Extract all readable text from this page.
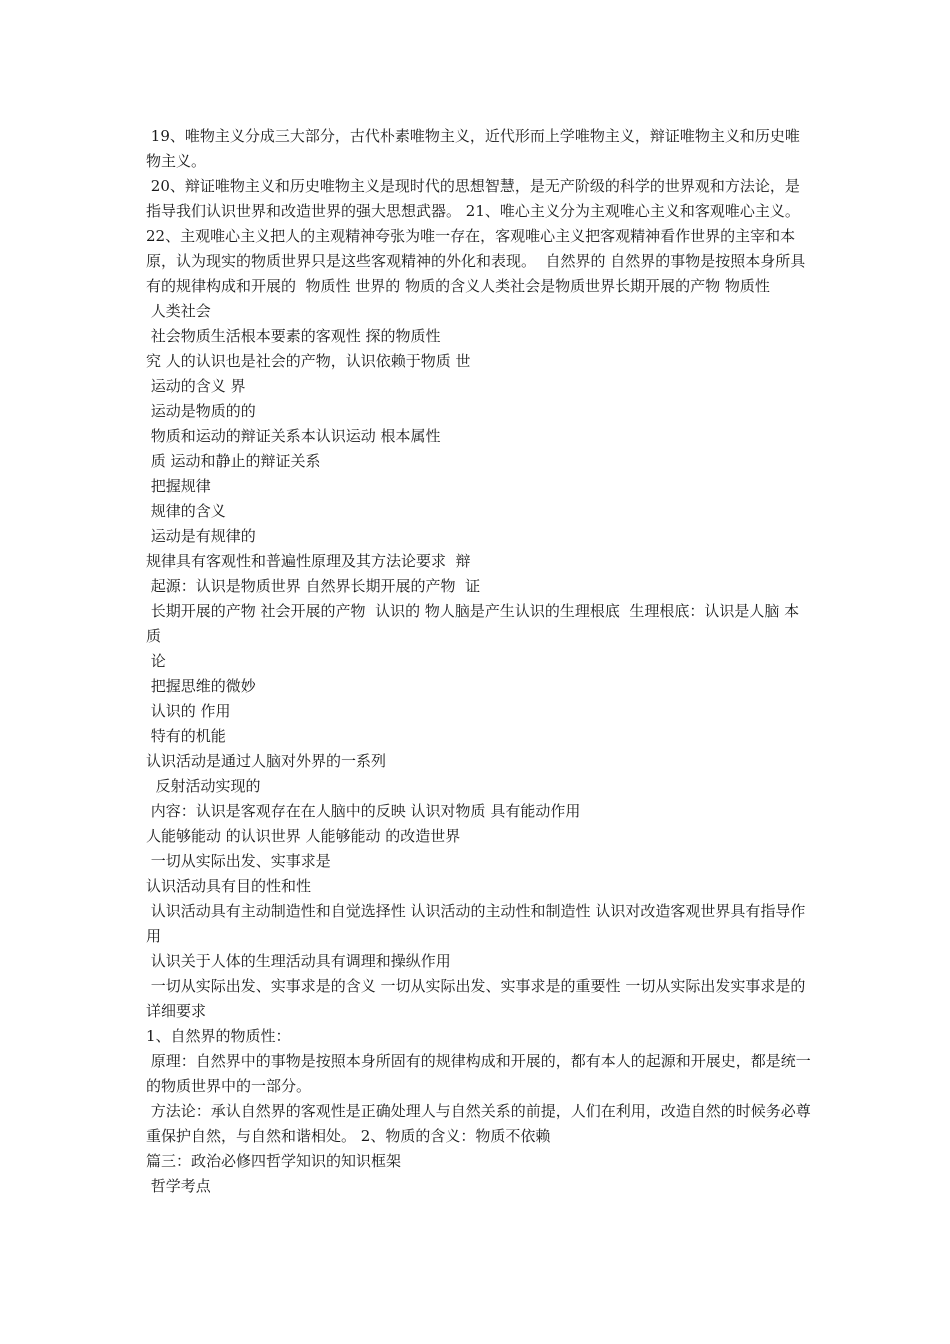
19、唯物主义分成三大部分，古代朴素唯物主义，近代形而上学唯物主义，辩证唯物主义和历史唯物主义。

20、辩证唯物主义和历史唯物主义是现时代的思想智慧，是无产阶级的科学的世界观和方法论，是指导我们认识世界和改造世界的强大思想武器。 21、唯心主义分为主观唯心主义和客观唯心主义。 22、主观唯心主义把人的主观精神夸张为唯一存在，客观唯心主义把客观精神看作世界的主宰和本原，认为现实的物质世界只是这些客观精神的外化和表现。  自然界的 自然界的事物是按照本身所具有的规律构成和开展的  物质性 世界的 物质的含义人类社会是物质世界长期开展的产物 物质性

人类社会

社会物质生活根本要素的客观性 探的物质性

究 人的认识也是社会的产物，认识依赖于物质 世

运动的含义 界

运动是物质的的

物质和运动的辩证关系本认识运动 根本属性

质 运动和静止的辩证关系

把握规律

规律的含义

运动是有规律的

规律具有客观性和普遍性原理及其方法论要求  辩

起源：认识是物质世界 自然界长期开展的产物  证

长期开展的产物 社会开展的产物  认识的 物人脑是产生认识的生理根底  生理根底：认识是人脑 本质

论

把握思维的微妙

认识的 作用

特有的机能

认识活动是通过人脑对外界的一系列

反射活动实现的

内容：认识是客观存在在人脑中的反映 认识对物质 具有能动作用

人能够能动 的认识世界 人能够能动 的改造世界

一切从实际出发、实事求是

认识活动具有目的性和性

认识活动具有主动制造性和自觉选择性 认识活动的主动性和制造性 认识对改造客观世界具有指导作用

认识关于人体的生理活动具有调理和操纵作用

一切从实际出发、实事求是的含义 一切从实际出发、实事求是的重要性 一切从实际出发实事求是的详细要求

1、自然界的物质性：

原理：自然界中的事物是按照本身所固有的规律构成和开展的，都有本人的起源和开展史，都是统一的物质世界中的一部分。

方法论：承认自然界的客观性是正确处理人与自然关系的前提，人们在利用，改造自然的时候务必尊重保护自然，与自然和谐相处。 2、物质的含义：物质不依赖

篇三：政治必修四哲学知识的知识框架

哲学考点
